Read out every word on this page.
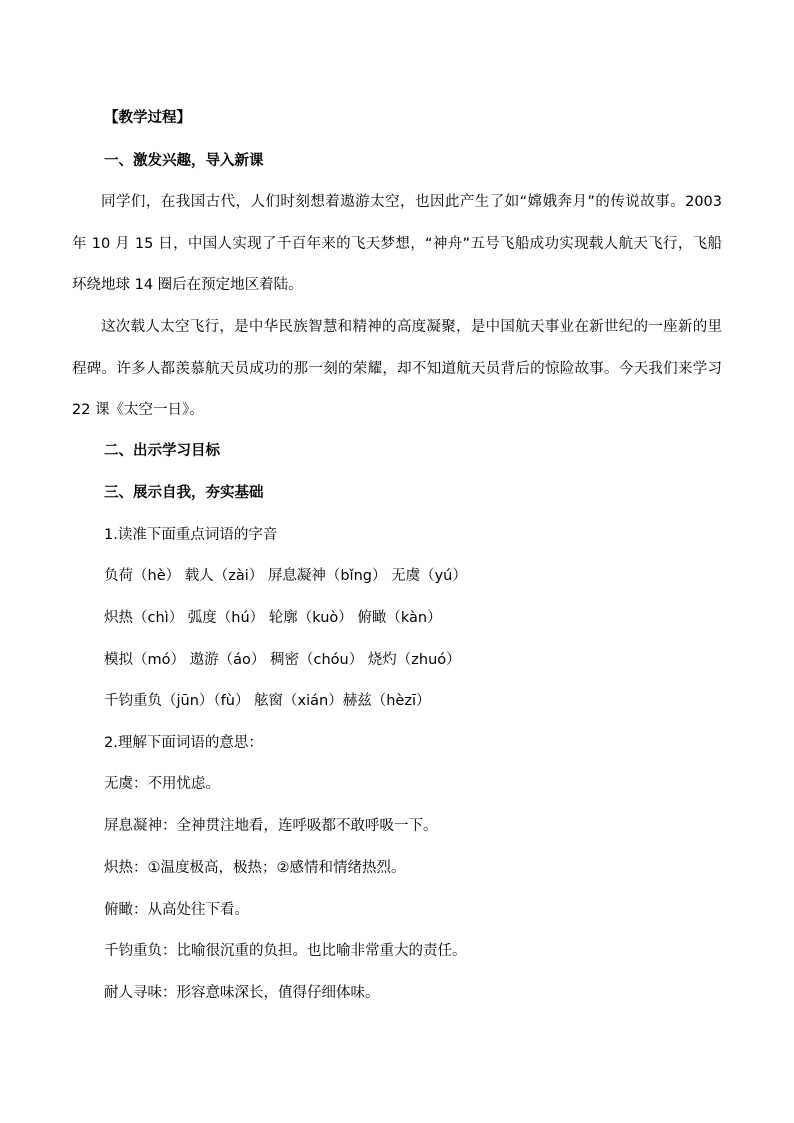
【教学过程】
一、激发兴趣，导入新课

同学们，在我国古代，人们时刻想着遨游太空，也因此产生了如“嫦娥奔月”的传说故事。2003 年 10 月 15 日，中国人实现了千百年来的飞天梦想，“神舟”五号飞船成功实现载人航天飞行，飞船环绕地球 14 圈后在预定地区着陆。

这次载人太空飞行，是中华民族智慧和精神的高度凝聚，是中国航天事业在新世纪的一座新的里程碑。许多人都羡慕航天员成功的那一刻的荣耀，却不知道航天员背后的惊险故事。今天我们来学习 22 课《太空一日》。

二、出示学习目标
三、展示自我，夯实基础
1.读准下面重点词语的字音
负荷（hè） 载人（zài） 屏息凝神（bǐng） 无虞（yú）
炽热（chì） 弧度（hú） 轮廓（kuò） 俯瞰（kàn）
模拟（mó） 遨游（áo） 稠密（chóu） 烧灼（zhuó）
千钧重负（jūn）（fù） 舷窗（xián）赫兹（hèzī）
2.理解下面词语的意思：
无虞：不用忧虑。
屏息凝神：全神贯注地看，连呼吸都不敢呼吸一下。
炽热：①温度极高，极热；②感情和情绪热烈。
俯瞰：从高处往下看。
千钧重负：比喻很沉重的负担。也比喻非常重大的责任。
耐人寻味：形容意味深长，值得仔细体味。
